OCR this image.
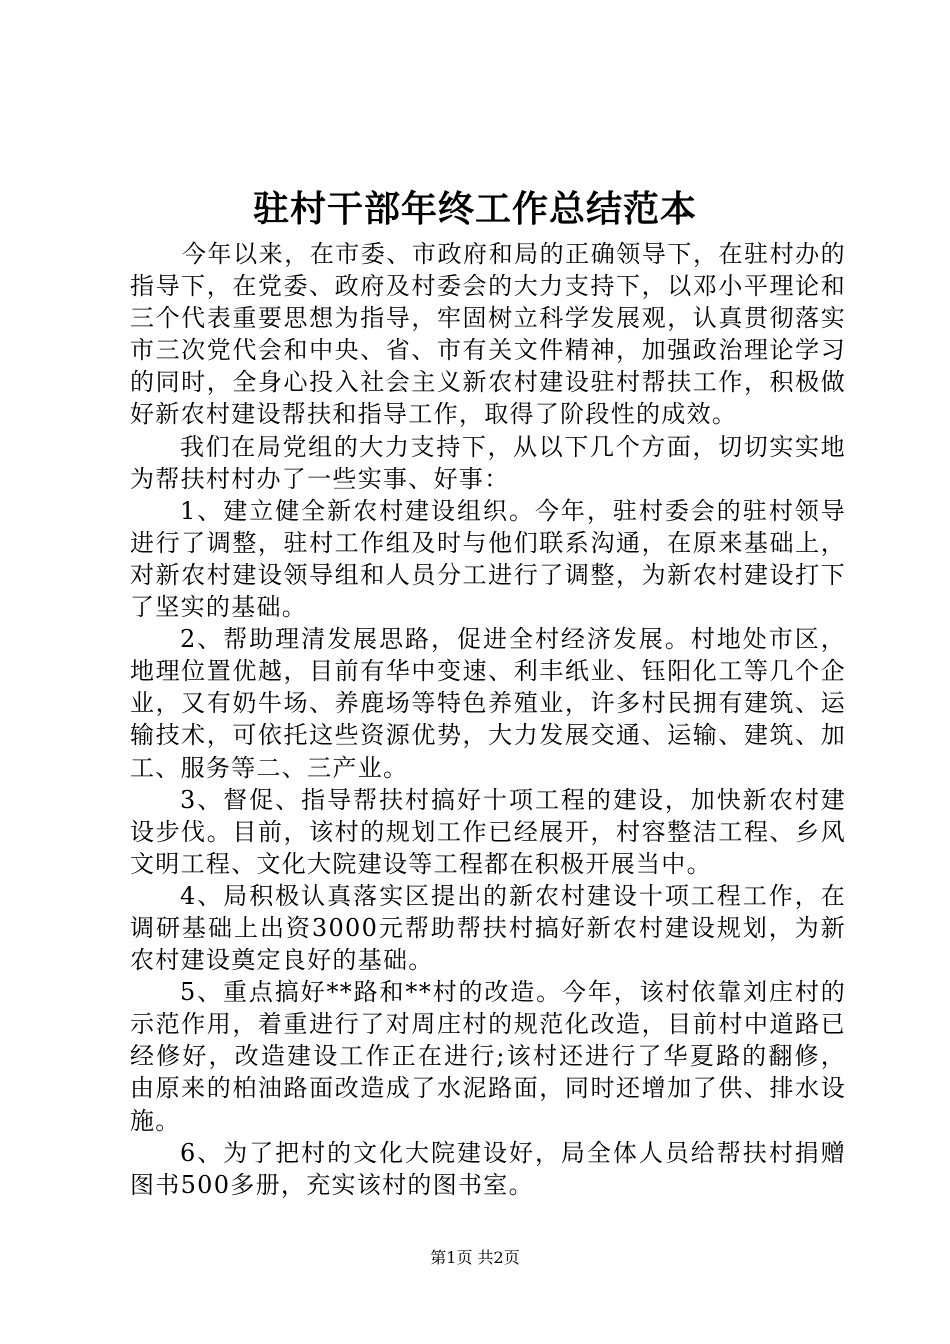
驻村干部年终工作总结范本

今年以来，在市委、市政府和局的正确领导下，在驻村办的指导下，在党委、政府及村委会的大力支持下，以邓小平理论和三个代表重要思想为指导，牢固树立科学发展观，认真贯彻落实市三次党代会和中央、省、市有关文件精神，加强政治理论学习的同时，全身心投入社会主义新农村建设驻村帮扶工作，积极做好新农村建设帮扶和指导工作，取得了阶段性的成效。

我们在局党组的大力支持下，从以下几个方面，切切实实地为帮扶村村办了一些实事、好事：

1、建立健全新农村建设组织。今年，驻村委会的驻村领导进行了调整，驻村工作组及时与他们联系沟通，在原来基础上，对新农村建设领导组和人员分工进行了调整，为新农村建设打下了坚实的基础。

2、帮助理清发展思路，促进全村经济发展。村地处市区，地理位置优越，目前有华中变速、利丰纸业、钰阳化工等几个企业，又有奶牛场、养鹿场等特色养殖业，许多村民拥有建筑、运输技术，可依托这些资源优势，大力发展交通、运输、建筑、加工、服务等二、三产业。

3、督促、指导帮扶村搞好十项工程的建设，加快新农村建设步伐。目前，该村的规划工作已经展开，村容整洁工程、乡风文明工程、文化大院建设等工程都在积极开展当中。

4、局积极认真落实区提出的新农村建设十项工程工作，在调研基础上出资3000元帮助帮扶村搞好新农村建设规划，为新农村建设奠定良好的基础。

5、重点搞好**路和**村的改造。今年，该村依靠刘庄村的示范作用，着重进行了对周庄村的规范化改造，目前村中道路已经修好，改造建设工作正在进行;该村还进行了华夏路的翻修，由原来的柏油路面改造成了水泥路面，同时还增加了供、排水设施。

6、为了把村的文化大院建设好，局全体人员给帮扶村捐赠图书500多册，充实该村的图书室。

第1页 共2页
